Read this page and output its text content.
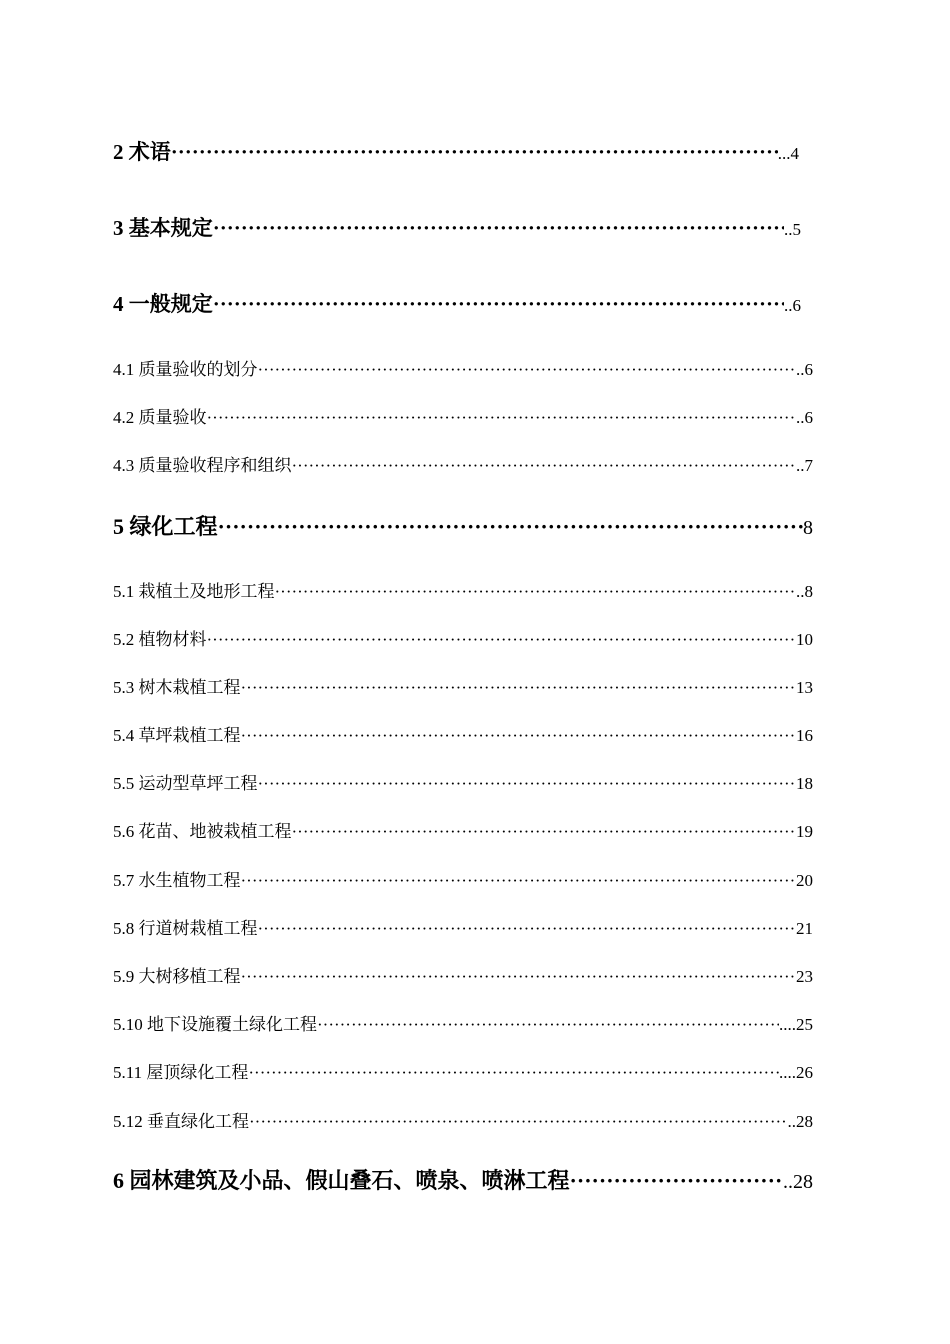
2 术语 ·····	...4
3 基本规定 ·····	..5
4 一般规定 ·····	..6
4.1 质量验收的划分 ·····	..6
4.2 质量验收 ·····	..6
4.3 质量验收程序和组织 ·····	..7
5 绿化工程 ·····	8
5.1 栽植土及地形工程 ·····	..8
5.2 植物材料 ·····	10
5.3 树木栽植工程 ·····	13
5.4 草坪栽植工程 ·····	16
5.5 运动型草坪工程 ·····	18
5.6 花苗、地被栽植工程 ·····	19
5.7 水生植物工程 ·····	20
5.8 行道树栽植工程 ·····	21
5.9 大树移植工程 ·····	23
5.10 地下设施覆土绿化工程 ·····	....25
5.11 屋顶绿化工程 ·····	....26
5.12 垂直绿化工程 ·····	..28
6 园林建筑及小品、假山叠石、喷泉、喷淋工程 ·····	..28
